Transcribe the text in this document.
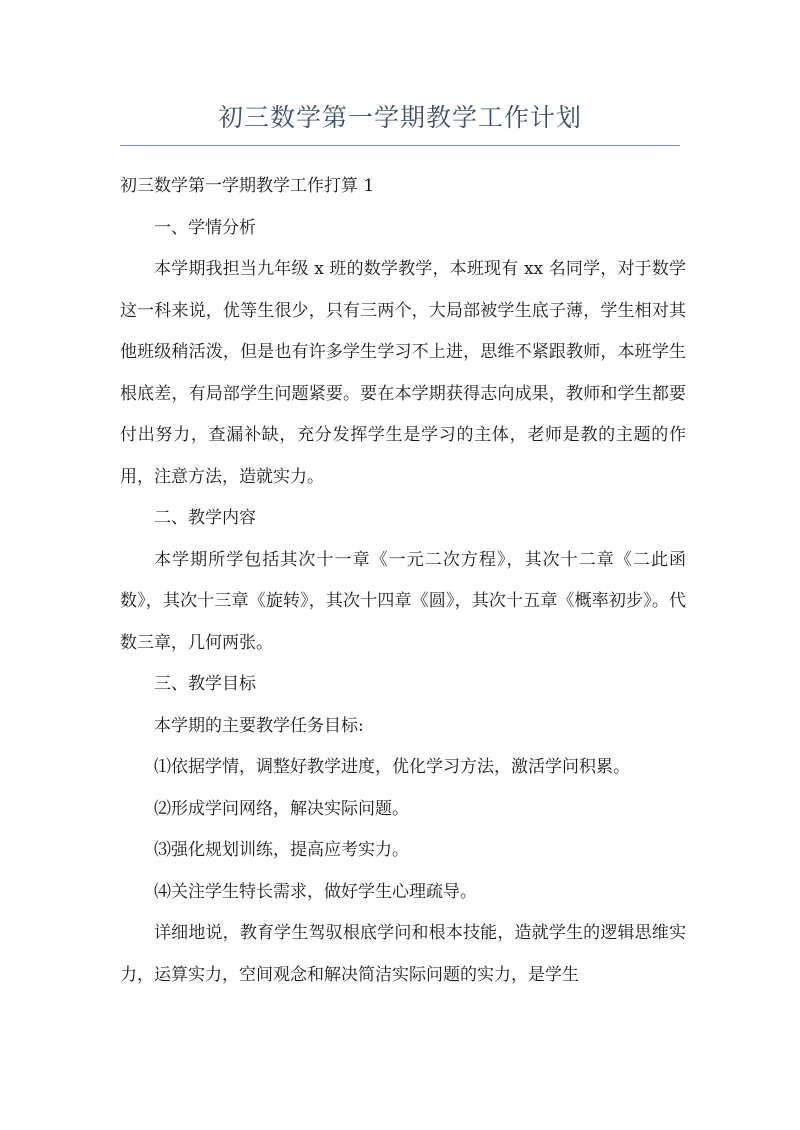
初三数学第一学期教学工作计划

初三数学第一学期教学工作打算 1

一、学情分析

本学期我担当九年级 x 班的数学教学，本班现有 xx 名同学，对于数学这一科来说，优等生很少，只有三两个，大局部被学生底子薄，学生相对其他班级稍活泼，但是也有许多学生学习不上进，思维不紧跟教师，本班学生根底差，有局部学生问题紧要。要在本学期获得志向成果，教师和学生都要付出努力，查漏补缺，充分发挥学生是学习的主体，老师是教的主题的作用，注意方法，造就实力。

二、教学内容

本学期所学包括其次十一章《一元二次方程》，其次十二章《二此函数》，其次十三章《旋转》，其次十四章《圆》，其次十五章《概率初步》。代数三章，几何两张。

三、教学目标

本学期的主要教学任务目标:

⑴依据学情，调整好教学进度，优化学习方法，激活学问积累。

⑵形成学问网络，解决实际问题。

⑶强化规划训练，提高应考实力。

⑷关注学生特长需求，做好学生心理疏导。

详细地说，教育学生驾驭根底学问和根本技能，造就学生的逻辑思维实力，运算实力，空间观念和解决简洁实际问题的实力，是学生
